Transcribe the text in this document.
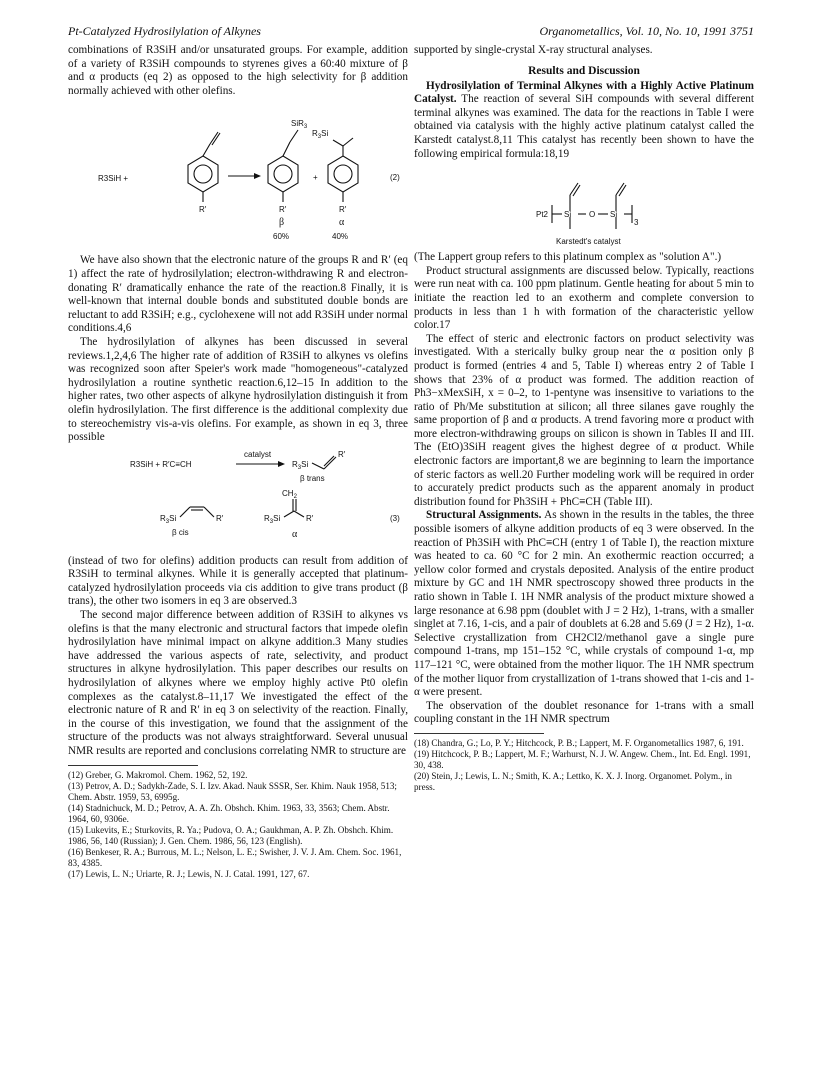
Pt-Catalyzed Hydrosilylation of Alkynes	Organometallics, Vol. 10, No. 10, 1991 3751

combinations of R3SiH and/or unsaturated groups. For example, addition of a variety of R3SiH compounds to styrenes gives a 60:40 mixture of β and α products (eq 2) as opposed to the high selectivity for β addition normally achieved with other olefins.

R3SiH +
R′
SiR$_3$
R′
β
60%
+
$R_3Si$
R′
α
40%
(2)

We have also shown that the electronic nature of the groups R and R′ (eq 1) affect the rate of hydrosilylation; electron-withdrawing R and electron-donating R′ dramatically enhance the rate of the reaction.8 Finally, it is well-known that internal double bonds and substituted double bonds are reluctant to add R3SiH; e.g., cyclohexene will not add R3SiH under normal conditions.4,6

The hydrosilylation of alkynes has been discussed in several reviews.1,2,4,6 The higher rate of addition of R3SiH to alkynes vs olefins was recognized soon after Speier's work made "homogeneous"-catalyzed hydrosilylation a routine synthetic reaction.6,12–15 In addition to the higher rates, two other aspects of alkyne hydrosilylation distinguish it from olefin hydrosilylation. The first difference is the additional complexity due to stereochemistry vis-a-vis olefins. For example, as shown in eq 3, three possible

R3SiH + R′C≡CH
catalyst
$R_3Si$
R′
β trans
$R_3Si$	R′
β cis
$CH_2$
$R_3Si$	R′
α
(3)

(instead of two for olefins) addition products can result from addition of R3SiH to terminal alkynes. While it is generally accepted that platinum-catalyzed hydrosilylation proceeds via cis addition to give trans product (β trans), the other two isomers in eq 3 are observed.3

The second major difference between addition of R3SiH to alkynes vs olefins is that the many electronic and structural factors that impede olefin hydrosilylation have minimal impact on alkyne addition.3 Many studies have addressed the various aspects of rate, selectivity, and product structures in alkyne hydrosilylation. This paper describes our results on hydrosilylation of alkynes where we employ highly active Pt0 olefin complexes as the catalyst.8–11,17 We investigated the effect of the electronic nature of R and R′ in eq 3 on selectivity of the reaction. Finally, in the course of this investigation, we found that the assignment of the structure of the products was not always straightforward. Several unusual NMR results are reported and conclusions correlating NMR to structure are

(12) Greber, G. Makromol. Chem. 1962, 52, 192.

(13) Petrov, A. D.; Sadykh-Zade, S. I. Izv. Akad. Nauk SSSR, Ser. Khim. Nauk 1958, 513; Chem. Abstr. 1959, 53, 6995g.

(14) Stadnichuck, M. D.; Petrov, A. A. Zh. Obshch. Khim. 1963, 33, 3563; Chem. Abstr. 1964, 60, 9306e.

(15) Lukevits, E.; Sturkovits, R. Ya.; Pudova, O. A.; Gaukhman, A. P. Zh. Obshch. Khim. 1986, 56, 140 (Russian); J. Gen. Chem. 1986, 56, 123 (English).

(16) Benkeser, R. A.; Burrous, M. L.; Nelson, L. E.; Swisher, J. V. J. Am. Chem. Soc. 1961, 83, 4385.

(17) Lewis, L. N.; Uriarte, R. J.; Lewis, N. J. Catal. 1991, 127, 67.

supported by single-crystal X-ray structural analyses.

Results and Discussion

Hydrosilylation of Terminal Alkynes with a Highly Active Platinum Catalyst. The reaction of several SiH compounds with several different terminal alkynes was examined. The data for the reactions in Table I were obtained via catalysis with the highly active platinum catalyst called the Karstedt catalyst.8,11 This catalyst has recently been shown to have the following empirical formula:18,19

Pt2 Si O Si
3
Karstedt's catalyst

(The Lappert group refers to this platinum complex as "solution A".)

Product structural assignments are discussed below. Typically, reactions were run neat with ca. 100 ppm platinum. Gentle heating for about 5 min to initiate the reaction led to an exotherm and complete conversion to products in less than 1 h with formation of the characteristic yellow color.17

The effect of steric and electronic factors on product selectivity was investigated. With a sterically bulky group near the α position only β product is formed (entries 4 and 5, Table I) whereas entry 2 of Table I shows that 23% of α product was formed. The addition reaction of Ph3−xMexSiH, x = 0–2, to 1-pentyne was insensitive to variations to the ratio of Ph/Me substitution at silicon; all three silanes gave roughly the same proportion of β and α products. A trend favoring more α product with more electron-withdrawing groups on silicon is shown in Tables II and III. The (EtO)3SiH reagent gives the highest degree of α product. While electronic factors are important,8 we are beginning to learn the importance of steric factors as well.20 Further modeling work will be required in order to accurately predict products such as the apparent anomaly in product distribution found for Ph3SiH + PhC≡CH (Table III).

Structural Assignments. As shown in the results in the tables, the three possible isomers of alkyne addition products of eq 3 were observed. In the reaction of Ph3SiH with PhC≡CH (entry 1 of Table I), the reaction mixture was heated to ca. 60 °C for 2 min. An exothermic reaction occurred; a yellow color formed and crystals deposited. Analysis of the entire product mixture by GC and 1H NMR spectroscopy showed three products in the ratio shown in Table I. 1H NMR analysis of the product mixture showed a large resonance at 6.98 ppm (doublet with J = 2 Hz), 1-trans, with a smaller singlet at 7.16, 1-cis, and a pair of doublets at 6.28 and 5.69 (J = 2 Hz), 1-α. Selective crystallization from CH2Cl2/methanol gave a single pure compound 1-trans, mp 151–152 °C, while crystals of compound 1-α, mp 117–121 °C, were obtained from the mother liquor. The 1H NMR spectrum of the mother liquor from crystallization of 1-trans showed that 1-cis and 1-α were present.

The observation of the doublet resonance for 1-trans with a small coupling constant in the 1H NMR spectrum

(18) Chandra, G.; Lo, P. Y.; Hitchcock, P. B.; Lappert, M. F. Organometallics 1987, 6, 191.

(19) Hitchcock, P. B.; Lappert, M. F.; Warhurst, N. J. W. Angew. Chem., Int. Ed. Engl. 1991, 30, 438.

(20) Stein, J.; Lewis, L. N.; Smith, K. A.; Lettko, K. X. J. Inorg. Organomet. Polym., in press.
